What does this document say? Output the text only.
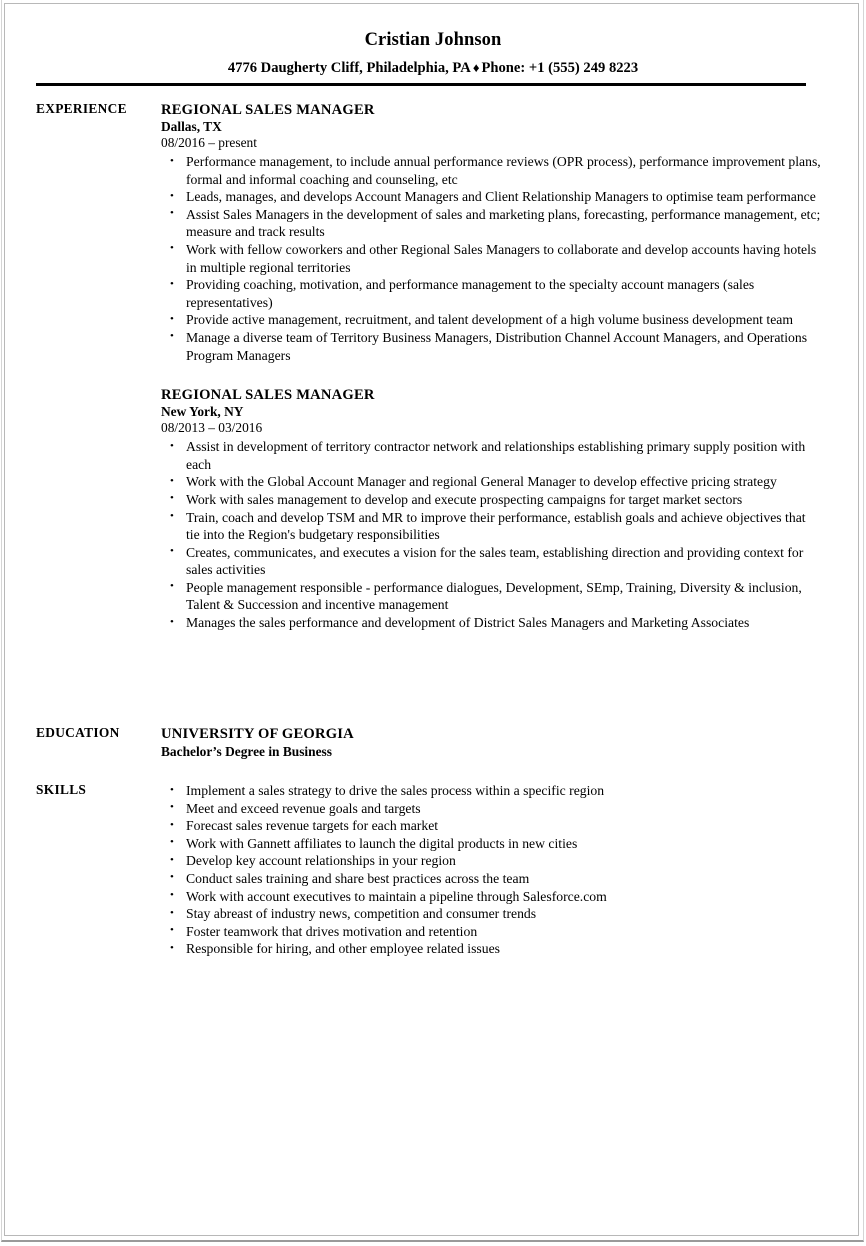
Cristian Johnson
4776 Daugherty Cliff, Philadelphia, PA ♦ Phone: +1 (555) 249 8223
EXPERIENCE	REGIONAL SALES MANAGER
Dallas, TX
08/2016 – present
• Performance management, to include annual performance reviews (OPR process), performance improvement plans, formal and informal coaching and counseling, etc
• Leads, manages, and develops Account Managers and Client Relationship Managers to optimise team performance
• Assist Sales Managers in the development of sales and marketing plans, forecasting, performance management, etc; measure and track results
• Work with fellow coworkers and other Regional Sales Managers to collaborate and develop accounts having hotels in multiple regional territories
• Providing coaching, motivation, and performance management to the specialty account managers (sales representatives)
• Provide active management, recruitment, and talent development of a high volume business development team
• Manage a diverse team of Territory Business Managers, Distribution Channel Account Managers, and Operations Program Managers
REGIONAL SALES MANAGER
New York, NY
08/2013 – 03/2016
• Assist in development of territory contractor network and relationships establishing primary supply position with each
• Work with the Global Account Manager and regional General Manager to develop effective pricing strategy
• Work with sales management to develop and execute prospecting campaigns for target market sectors
• Train, coach and develop TSM and MR to improve their performance, establish goals and achieve objectives that tie into the Region's budgetary responsibilities
• Creates, communicates, and executes a vision for the sales team, establishing direction and providing context for sales activities
• People management responsible - performance dialogues, Development, SEmp, Training, Diversity & inclusion, Talent & Succession and incentive management
• Manages the sales performance and development of District Sales Managers and Marketing Associates
EDUCATION	UNIVERSITY OF GEORGIA
Bachelor’s Degree in Business
SKILLS	• Implement a sales strategy to drive the sales process within a specific region
• Meet and exceed revenue goals and targets
• Forecast sales revenue targets for each market
• Work with Gannett affiliates to launch the digital products in new cities
• Develop key account relationships in your region
• Conduct sales training and share best practices across the team
• Work with account executives to maintain a pipeline through Salesforce.com
• Stay abreast of industry news, competition and consumer trends
• Foster teamwork that drives motivation and retention
• Responsible for hiring, and other employee related issues
